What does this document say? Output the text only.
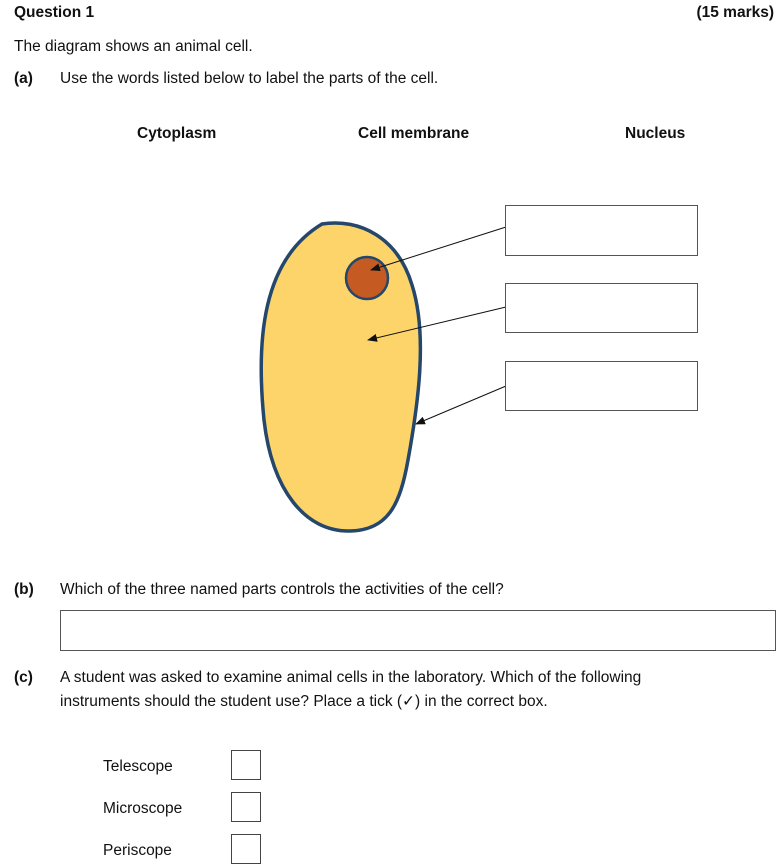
Question 1	(15 marks)
The diagram shows an animal cell.
(a) Use the words listed below to label the parts of the cell.
Cytoplasm	Cell membrane	Nucleus
(b) Which of the three named parts controls the activities of the cell?
(c) A student was asked to examine animal cells in the laboratory. Which of the following
instruments should the student use? Place a tick (✓) in the correct box.
Telescope
Microscope
Periscope
